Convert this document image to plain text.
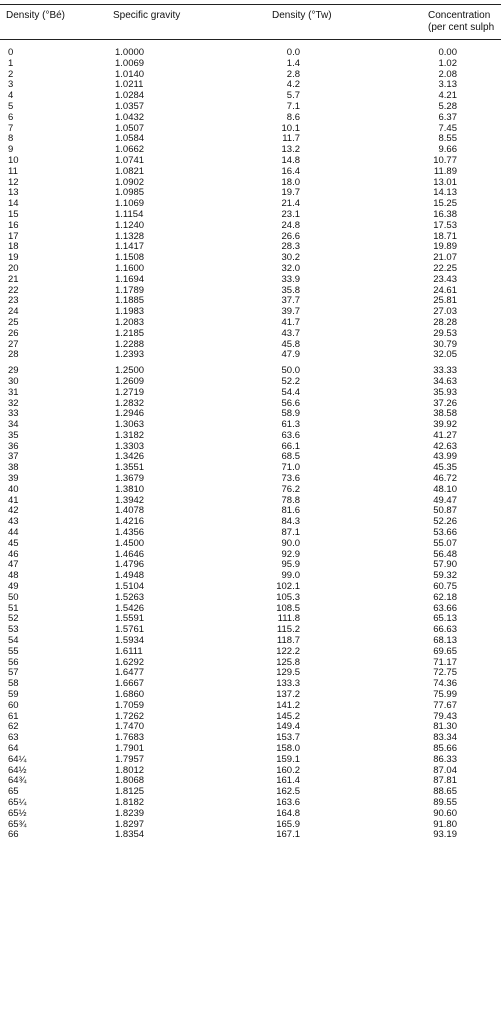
Density (°Bé)	Specific gravity	Density (°Tw)	Concentration
(per cent sulph
0	1.0000	0.0	0.00
1	1.0069	1.4	1.02
2	1.0140	2.8	2.08
3	1.0211	4.2	3.13
4	1.0284	5.7	4.21
5	1.0357	7.1	5.28
6	1.0432	8.6	6.37
7	1.0507	10.1	7.45
8	1.0584	11.7	8.55
9	1.0662	13.2	9.66
10	1.0741	14.8	10.77
11	1.0821	16.4	11.89
12	1.0902	18.0	13.01
13	1.0985	19.7	14.13
14	1.1069	21.4	15.25
15	1.1154	23.1	16.38
16	1.1240	24.8	17.53
17	1.1328	26.6	18.71
18	1.1417	28.3	19.89
19	1.1508	30.2	21.07
20	1.1600	32.0	22.25
21	1.1694	33.9	23.43
22	1.1789	35.8	24.61
23	1.1885	37.7	25.81
24	1.1983	39.7	27.03
25	1.2083	41.7	28.28
26	1.2185	43.7	29.53
27	1.2288	45.8	30.79
28	1.2393	47.9	32.05
29	1.2500	50.0	33.33
30	1.2609	52.2	34.63
31	1.2719	54.4	35.93
32	1.2832	56.6	37.26
33	1.2946	58.9	38.58
34	1.3063	61.3	39.92
35	1.3182	63.6	41.27
36	1.3303	66.1	42.63
37	1.3426	68.5	43.99
38	1.3551	71.0	45.35
39	1.3679	73.6	46.72
40	1.3810	76.2	48.10
41	1.3942	78.8	49.47
42	1.4078	81.6	50.87
43	1.4216	84.3	52.26
44	1.4356	87.1	53.66
45	1.4500	90.0	55.07
46	1.4646	92.9	56.48
47	1.4796	95.9	57.90
48	1.4948	99.0	59.32
49	1.5104	102.1	60.75
50	1.5263	105.3	62.18
51	1.5426	108.5	63.66
52	1.5591	111.8	65.13
53	1.5761	115.2	66.63
54	1.5934	118.7	68.13
55	1.6111	122.2	69.65
56	1.6292	125.8	71.17
57	1.6477	129.5	72.75
58	1.6667	133.3	74.36
59	1.6860	137.2	75.99
60	1.7059	141.2	77.67
61	1.7262	145.2	79.43
62	1.7470	149.4	81.30
63	1.7683	153.7	83.34
64	1.7901	158.0	85.66
64¼	1.7957	159.1	86.33
64½	1.8012	160.2	87.04
64¾	1.8068	161.4	87.81
65	1.8125	162.5	88.65
65¼	1.8182	163.6	89.55
65½	1.8239	164.8	90.60
65¾	1.8297	165.9	91.80
66	1.8354	167.1	93.19
